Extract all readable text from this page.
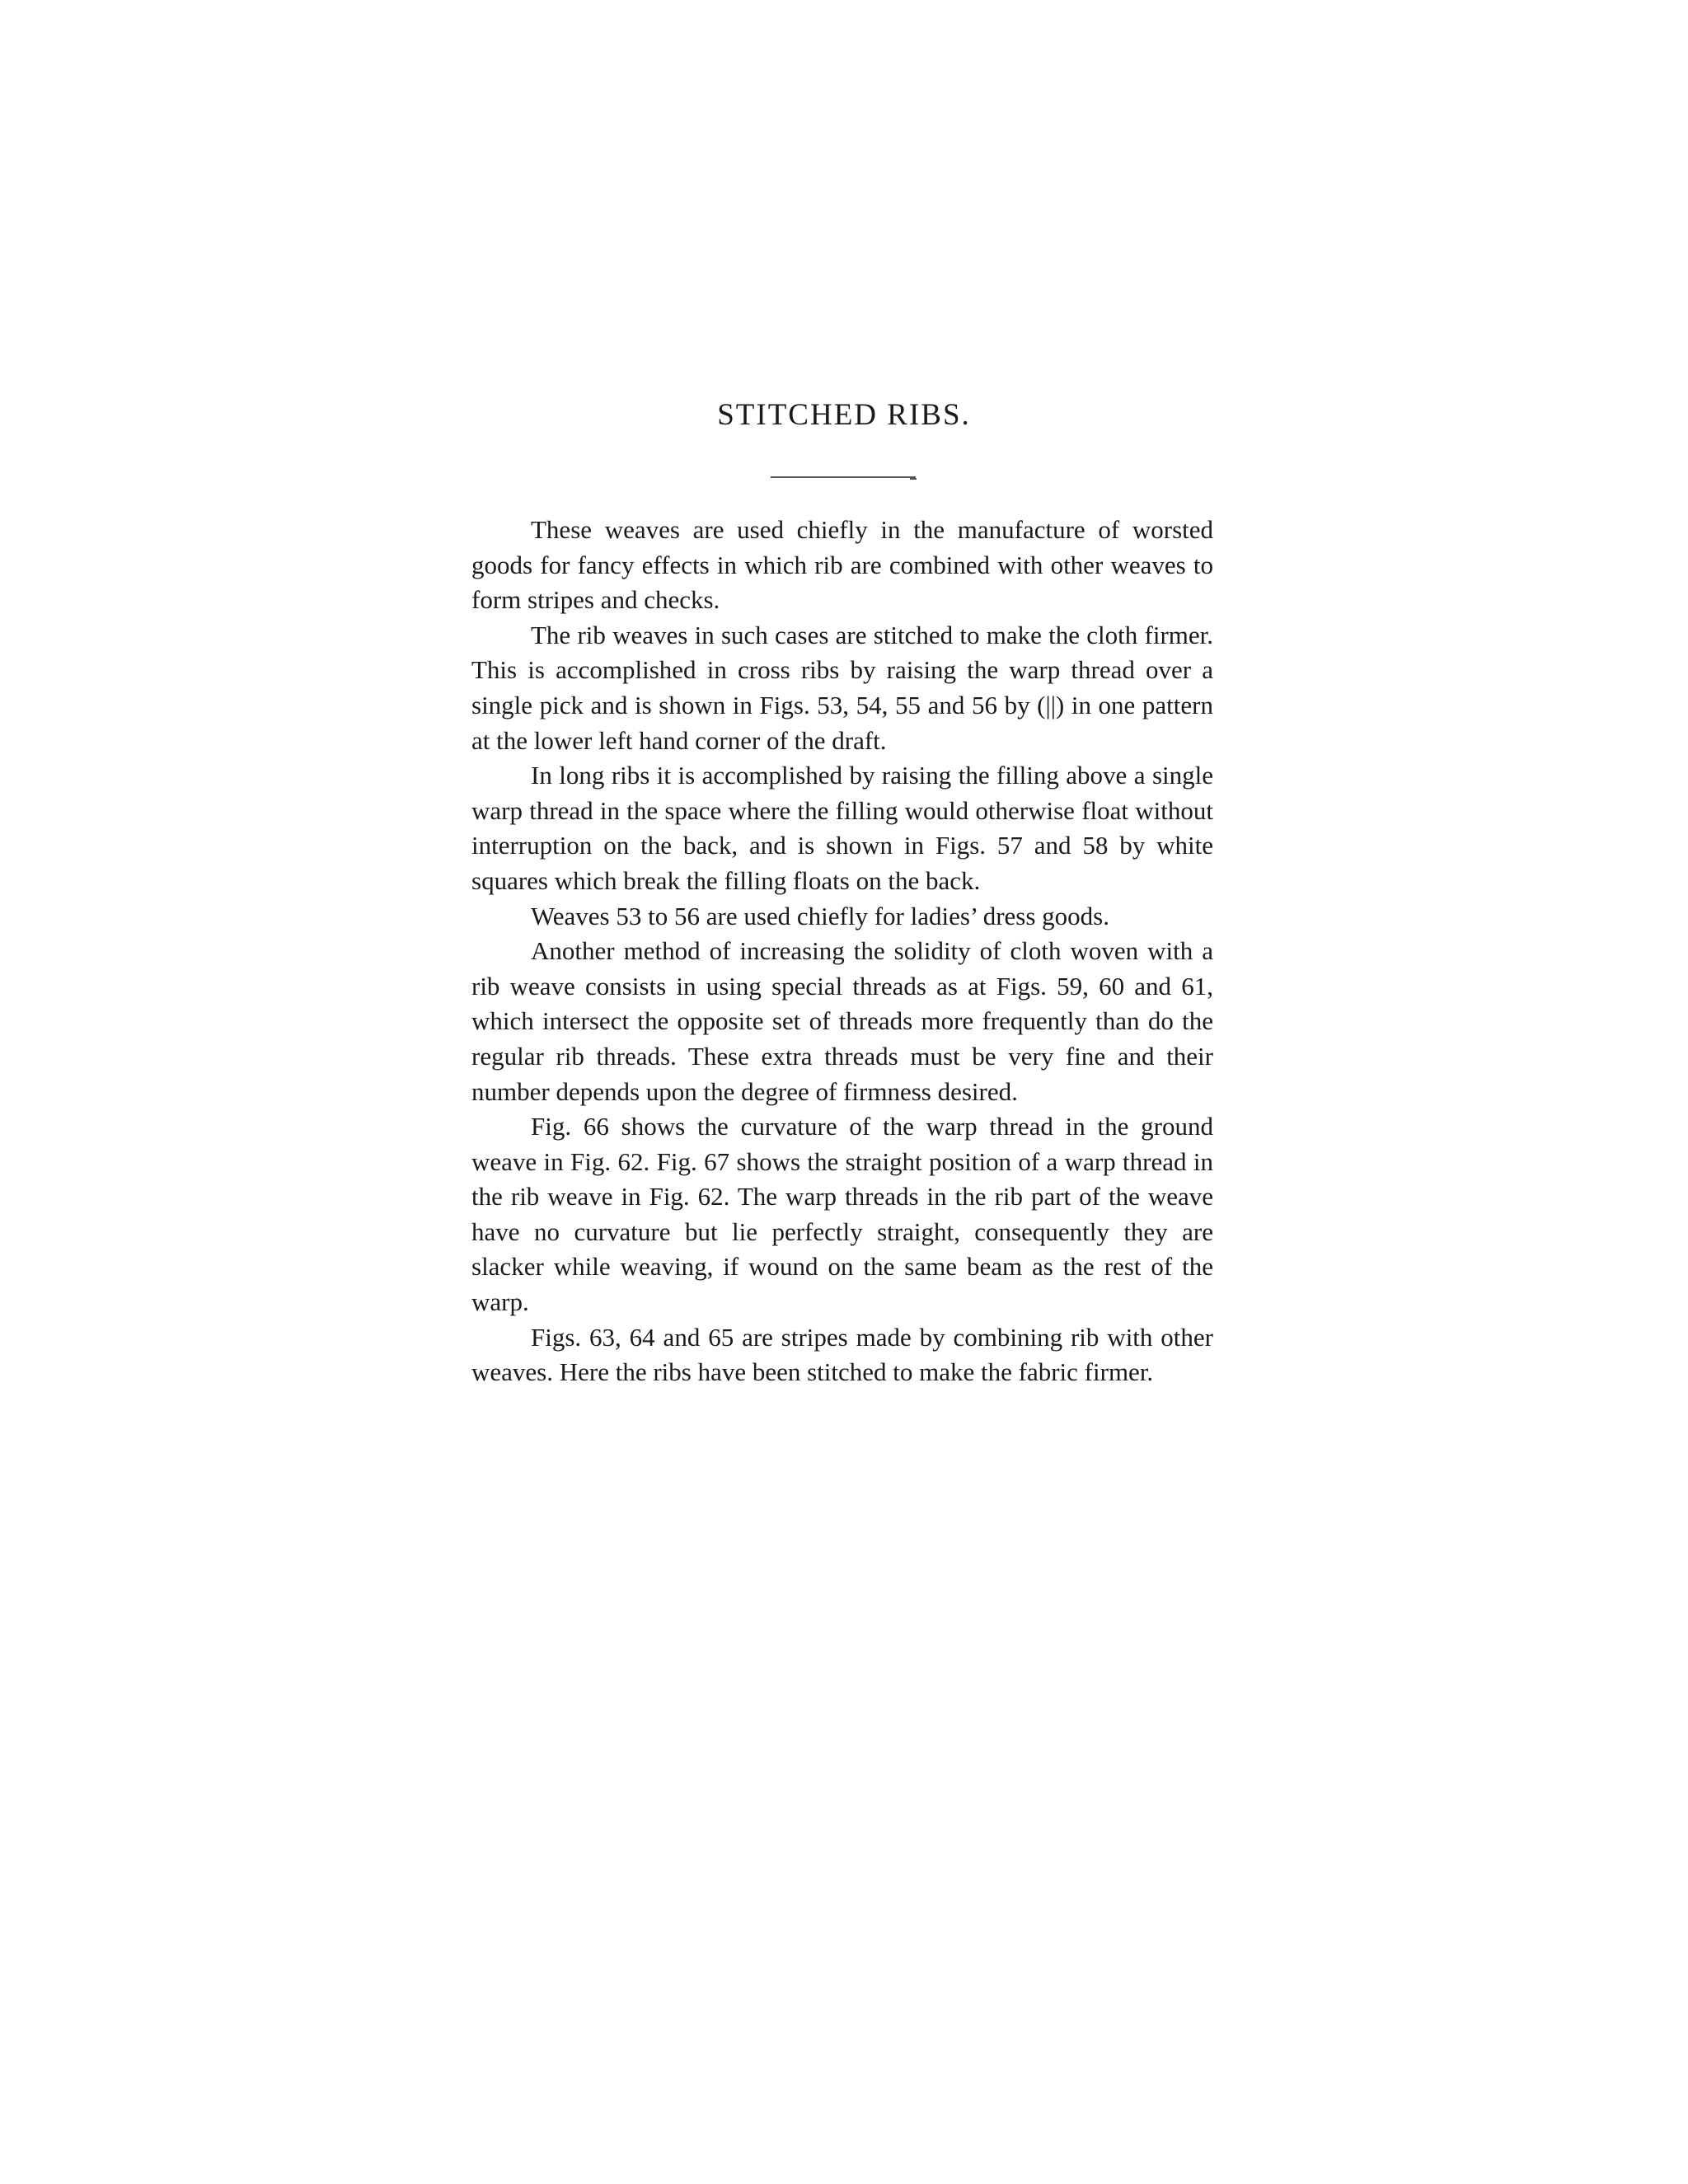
STITCHED RIBS.

These weaves are used chiefly in the manufacture of worsted goods for fancy effects in which rib are combined with other weaves to form stripes and checks.

The rib weaves in such cases are stitched to make the cloth firmer. This is accomplished in cross ribs by raising the warp thread over a single pick and is shown in Figs. 53, 54, 55 and 56 by (||) in one pattern at the lower left hand corner of the draft.

In long ribs it is accomplished by raising the filling above a single warp thread in the space where the filling would otherwise float without interruption on the back, and is shown in Figs. 57 and 58 by white squares which break the filling floats on the back.

Weaves 53 to 56 are used chiefly for ladies’ dress goods.

Another method of increasing the solidity of cloth woven with a rib weave consists in using special threads as at Figs. 59, 60 and 61, which intersect the opposite set of threads more frequently than do the regular rib threads. These extra threads must be very fine and their number depends upon the degree of firmness desired.

Fig. 66 shows the curvature of the warp thread in the ground weave in Fig. 62. Fig. 67 shows the straight position of a warp thread in the rib weave in Fig. 62. The warp threads in the rib part of the weave have no curvature but lie perfectly straight, consequently they are slacker while weaving, if wound on the same beam as the rest of the warp.

Figs. 63, 64 and 65 are stripes made by combining rib with other weaves. Here the ribs have been stitched to make the fabric firmer.
